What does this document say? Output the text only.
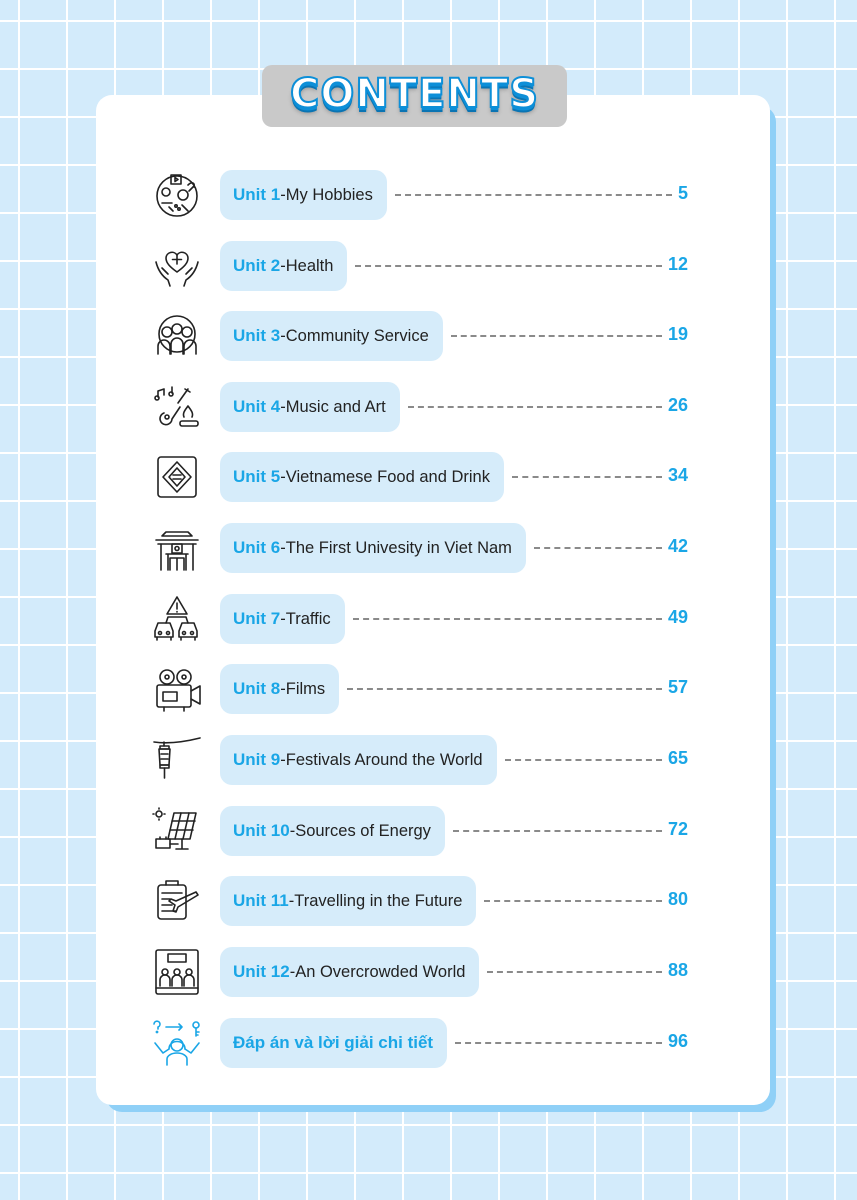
CONTENTS
Unit 1 - My Hobbies	5
Unit 2 - Health	12
Unit 3 - Community Service	19
Unit 4 - Music and Art	26
Unit 5 - Vietnamese Food and Drink	34
Unit 6 - The First Univesity in Viet Nam	42
Unit 7 - Traffic	49
Unit 8 - Films	57
Unit 9 - Festivals Around the World	65
Unit 10 - Sources of Energy	72
Unit 11 - Travelling in the Future	80
Unit 12 - An Overcrowded World	88
Đáp án và lời giải chi tiết	96
